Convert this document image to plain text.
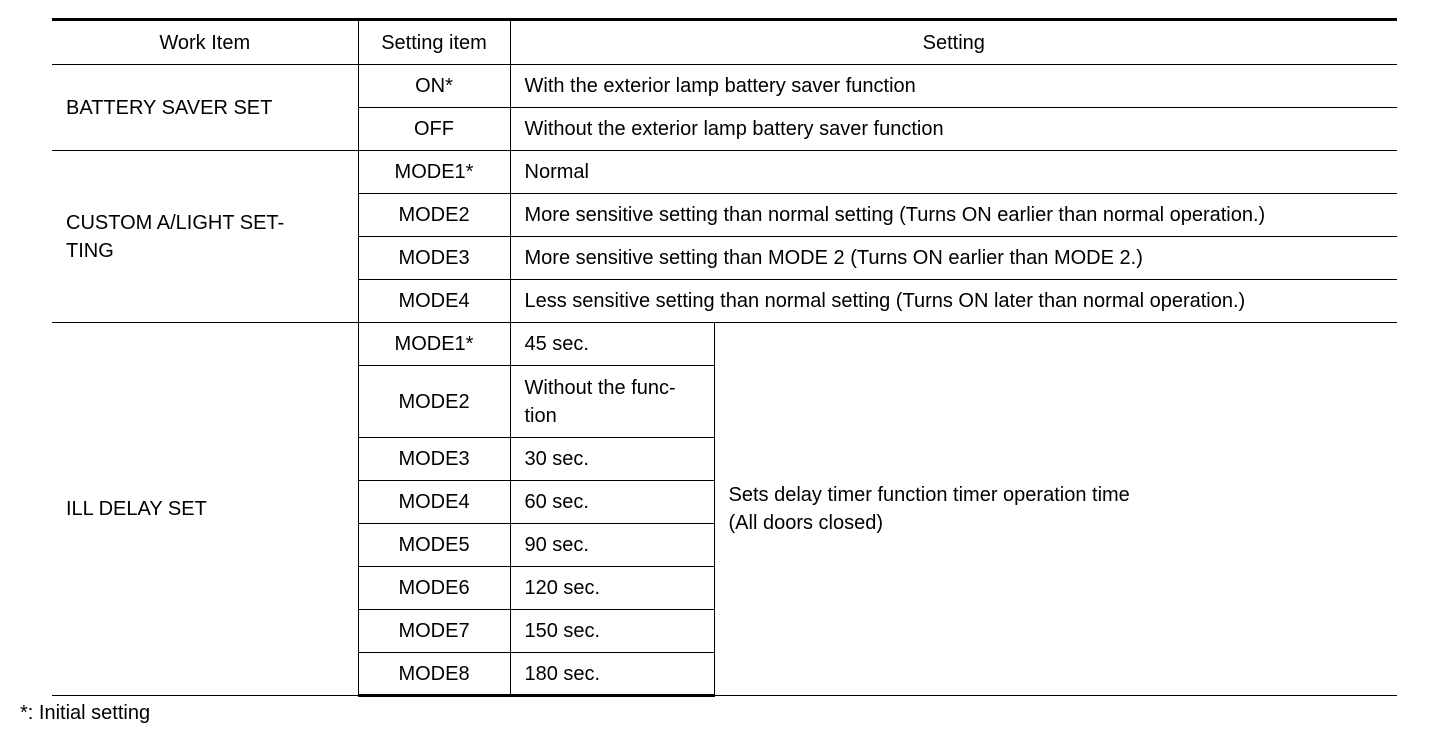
Work Item	Setting item	Setting	
BATTERY SAVER SET	ON*	With the exterior lamp battery saver function	
	OFF	Without the exterior lamp battery saver function	
CUSTOM A/LIGHT SET-
TING	MODE1*	Normal	
	MODE2	More sensitive setting than normal setting (Turns ON earlier than normal operation.)	
	MODE3	More sensitive setting than MODE 2 (Turns ON earlier than MODE 2.)	
	MODE4	Less sensitive setting than normal setting (Turns ON later than normal operation.)	
ILL DELAY SET	MODE1*	45 sec.	Sets delay timer function timer operation time
(All doors closed)
	MODE2	Without the func-
tion	
	MODE3	30 sec.	
	MODE4	60 sec.	
	MODE5	90 sec.	
	MODE6	120 sec.	
	MODE7	150 sec.	
	MODE8	180 sec.	
*: Initial setting
